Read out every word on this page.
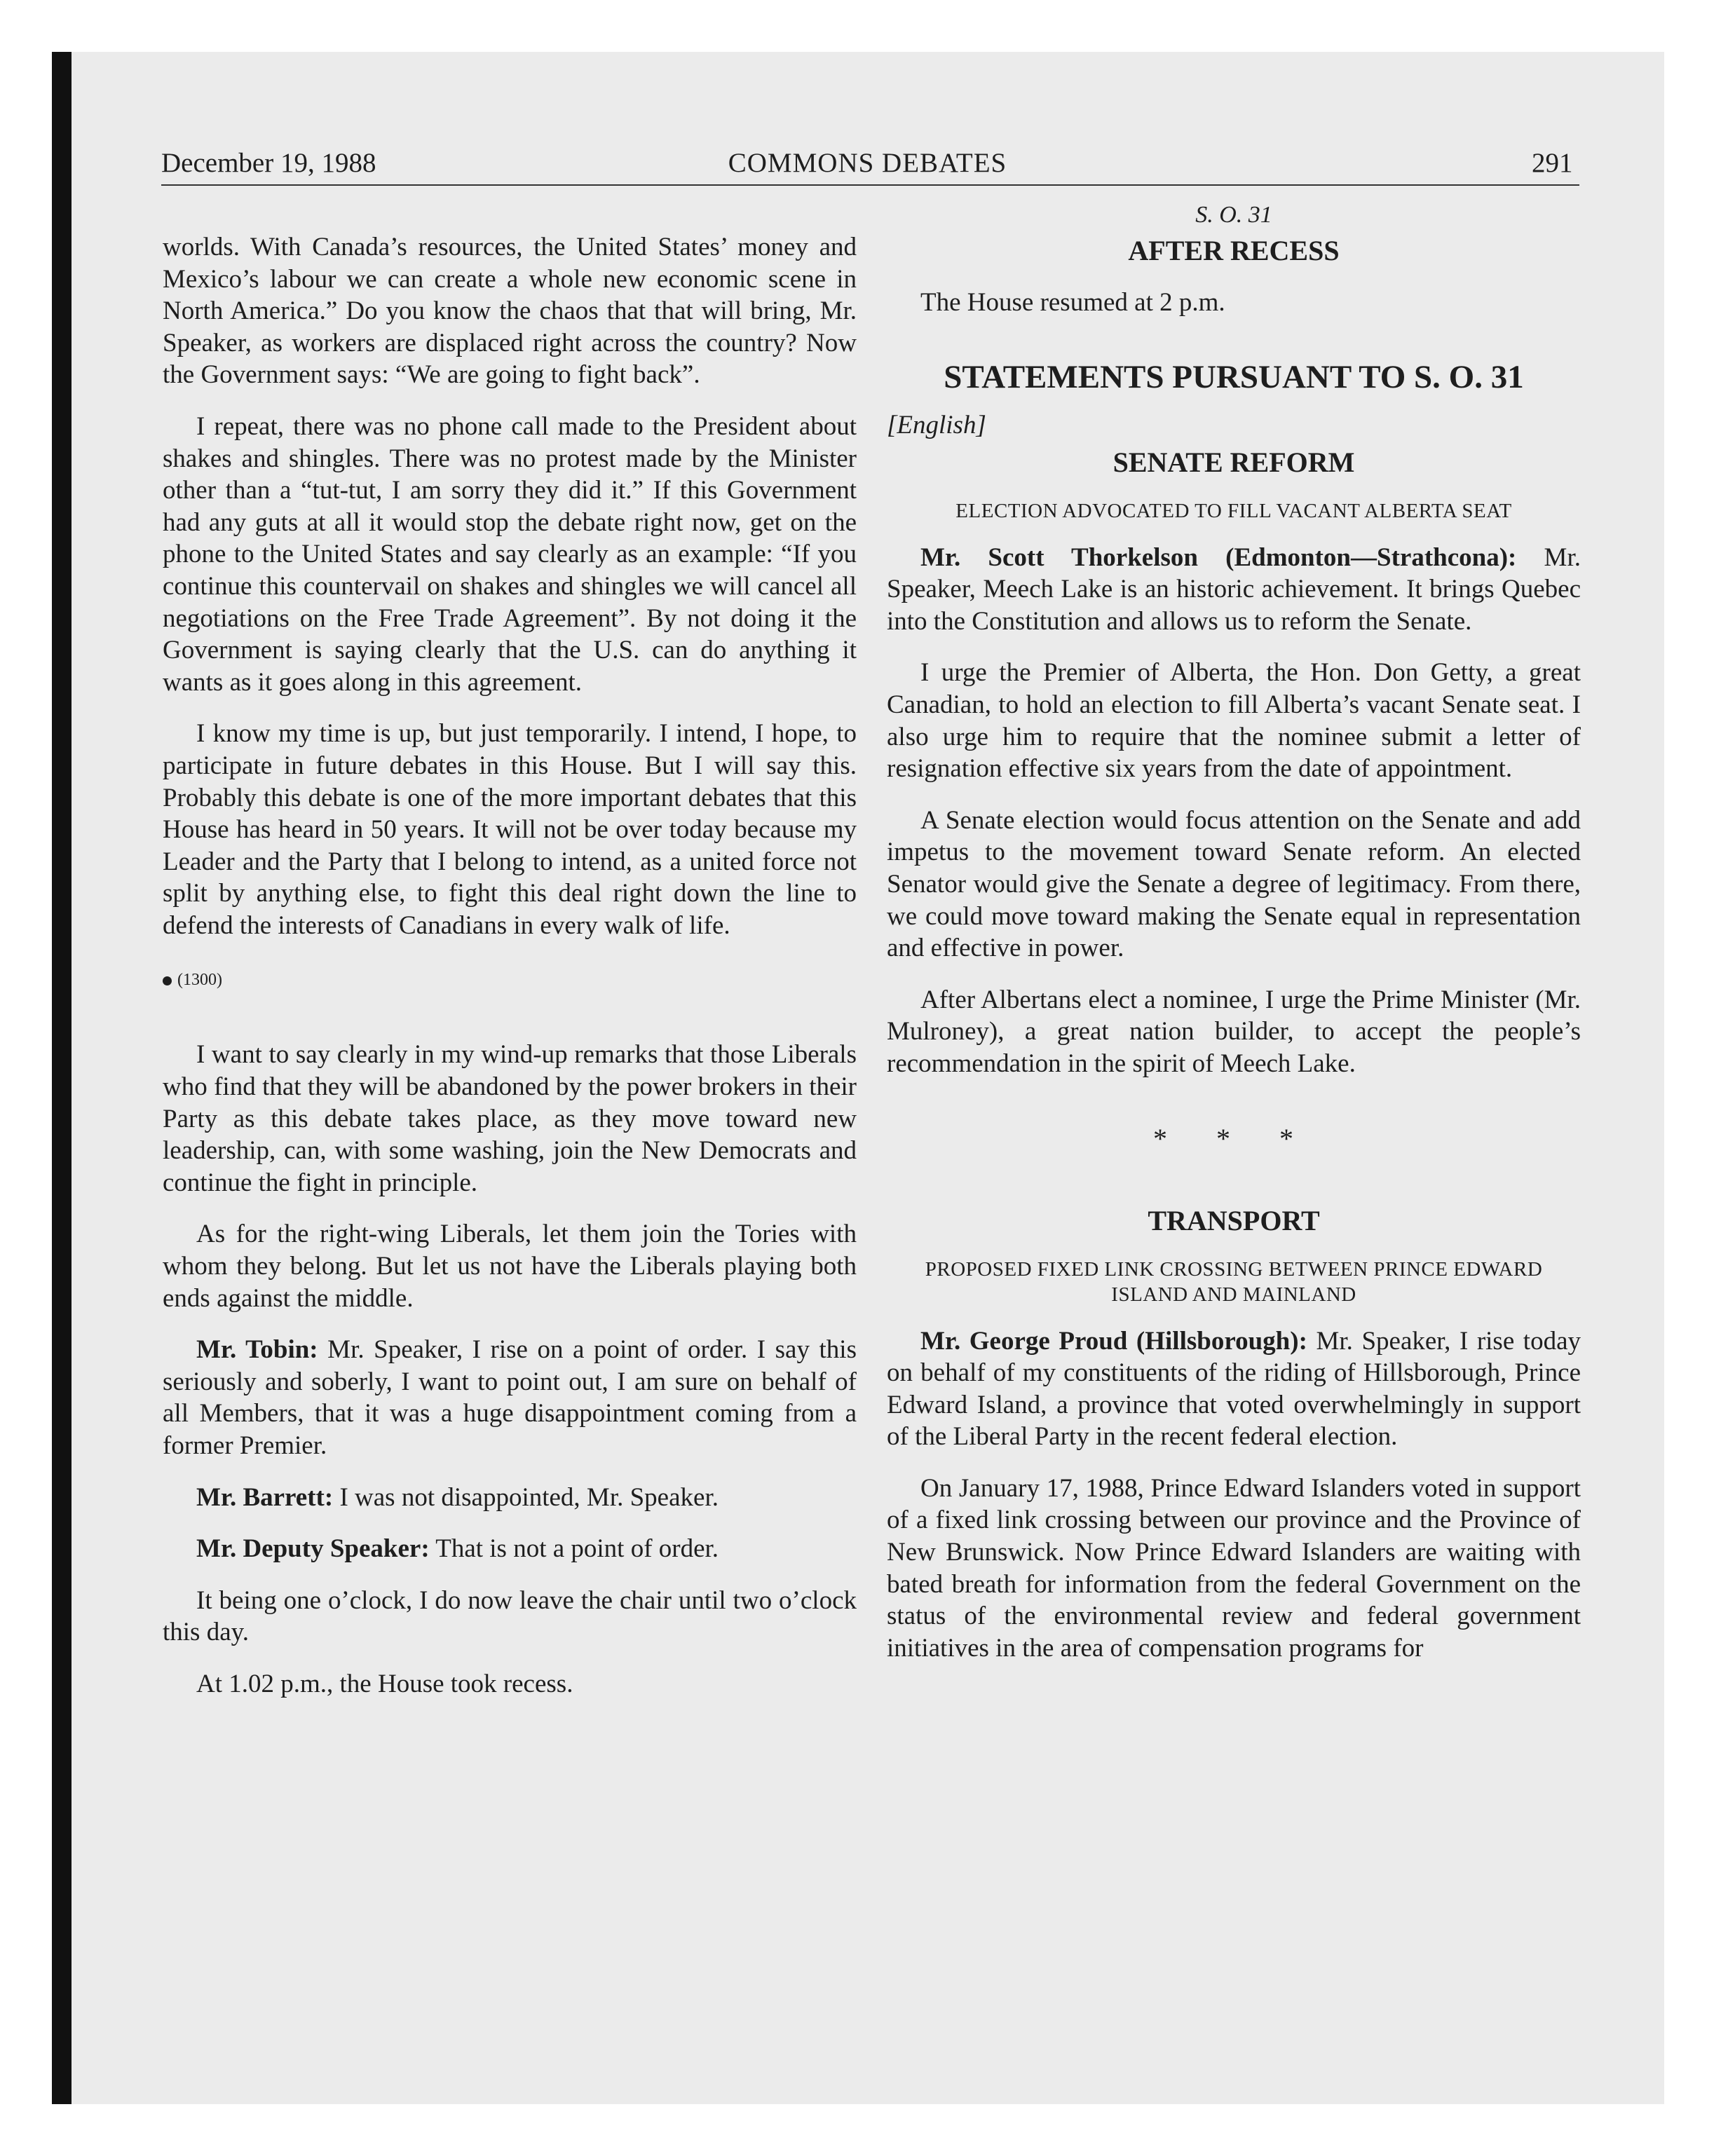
December 19, 1988	COMMONS DEBATES	291

worlds. With Canada’s resources, the United States’ money and Mexico’s labour we can create a whole new economic scene in North America.” Do you know the chaos that that will bring, Mr. Speaker, as workers are displaced right across the country? Now the Government says: “We are going to fight back”.

I repeat, there was no phone call made to the President about shakes and shingles. There was no protest made by the Minister other than a “tut-tut, I am sorry they did it.” If this Government had any guts at all it would stop the debate right now, get on the phone to the United States and say clearly as an example: “If you continue this countervail on shakes and shingles we will cancel all negotiations on the Free Trade Agreement”. By not doing it the Government is saying clearly that the U.S. can do anything it wants as it goes along in this agreement.

I know my time is up, but just temporarily. I intend, I hope, to participate in future debates in this House. But I will say this. Probably this debate is one of the more important debates that this House has heard in 50 years. It will not be over today because my Leader and the Party that I belong to intend, as a united force not split by anything else, to fight this deal right down the line to defend the interests of Canadians in every walk of life.

(1300)

I want to say clearly in my wind-up remarks that those Liberals who find that they will be abandoned by the power brokers in their Party as this debate takes place, as they move toward new leadership, can, with some washing, join the New Democrats and continue the fight in principle.

As for the right-wing Liberals, let them join the Tories with whom they belong. But let us not have the Liberals playing both ends against the middle.

Mr. Tobin: Mr. Speaker, I rise on a point of order. I say this seriously and soberly, I want to point out, I am sure on behalf of all Members, that it was a huge disappointment coming from a former Premier.

Mr. Barrett: I was not disappointed, Mr. Speaker.

Mr. Deputy Speaker: That is not a point of order.

It being one o’clock, I do now leave the chair until two o’clock this day.

At 1.02 p.m., the House took recess.

S. O. 31
AFTER RECESS

The House resumed at 2 p.m.

STATEMENTS PURSUANT TO S. O. 31
[English]
SENATE REFORM
ELECTION ADVOCATED TO FILL VACANT ALBERTA SEAT

Mr. Scott Thorkelson (Edmonton—Strathcona): Mr. Speaker, Meech Lake is an historic achievement. It brings Quebec into the Constitution and allows us to reform the Senate.

I urge the Premier of Alberta, the Hon. Don Getty, a great Canadian, to hold an election to fill Alberta’s vacant Senate seat. I also urge him to require that the nominee submit a letter of resignation effective six years from the date of appointment.

A Senate election would focus attention on the Senate and add impetus to the movement toward Senate reform. An elected Senator would give the Senate a degree of legitimacy. From there, we could move toward making the Senate equal in representation and effective in power.

After Albertans elect a nominee, I urge the Prime Minister (Mr. Mulroney), a great nation builder, to accept the people’s recommendation in the spirit of Meech Lake.

* * *
TRANSPORT
PROPOSED FIXED LINK CROSSING BETWEEN PRINCE EDWARD ISLAND AND MAINLAND

Mr. George Proud (Hillsborough): Mr. Speaker, I rise today on behalf of my constituents of the riding of Hillsborough, Prince Edward Island, a province that voted overwhelmingly in support of the Liberal Party in the recent federal election.

On January 17, 1988, Prince Edward Islanders voted in support of a fixed link crossing between our province and the Province of New Brunswick. Now Prince Edward Islanders are waiting with bated breath for information from the federal Government on the status of the environmental review and federal government initiatives in the area of compensation programs for
